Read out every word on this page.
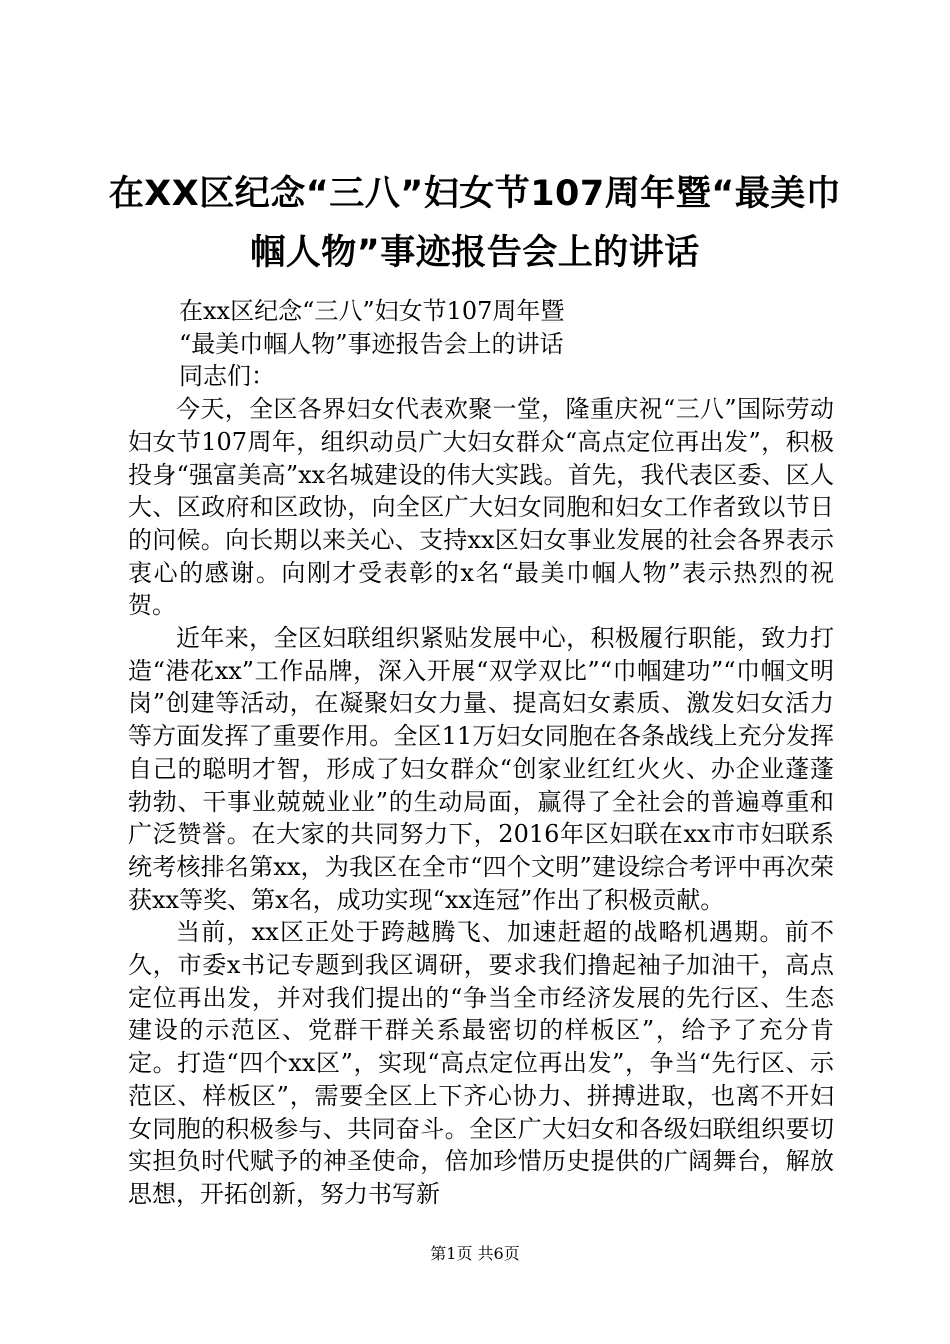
在XX区纪念“三八”妇女节107周年暨“最美巾帼人物”事迹报告会上的讲话
在xx区纪念“三八”妇女节107周年暨
“最美巾帼人物”事迹报告会上的讲话
同志们：

今天，全区各界妇女代表欢聚一堂，隆重庆祝“三八”国际劳动妇女节107周年，组织动员广大妇女群众“高点定位再出发”，积极投身“强富美高”xx名城建设的伟大实践。首先，我代表区委、区人大、区政府和区政协，向全区广大妇女同胞和妇女工作者致以节日的问候。向长期以来关心、支持xx区妇女事业发展的社会各界表示衷心的感谢。向刚才受表彰的x名“最美巾帼人物”表示热烈的祝贺。

近年来，全区妇联组织紧贴发展中心，积极履行职能，致力打造“港花xx”工作品牌，深入开展“双学双比”“巾帼建功”“巾帼文明岗”创建等活动，在凝聚妇女力量、提高妇女素质、激发妇女活力等方面发挥了重要作用。全区11万妇女同胞在各条战线上充分发挥自己的聪明才智，形成了妇女群众“创家业红红火火、办企业蓬蓬勃勃、干事业兢兢业业”的生动局面，赢得了全社会的普遍尊重和广泛赞誉。在大家的共同努力下，2016年区妇联在xx市市妇联系统考核排名第xx，为我区在全市“四个文明”建设综合考评中再次荣获xx等奖、第x名，成功实现“xx连冠”作出了积极贡献。

当前，xx区正处于跨越腾飞、加速赶超的战略机遇期。前不久，市委x书记专题到我区调研，要求我们撸起袖子加油干，高点定位再出发，并对我们提出的“争当全市经济发展的先行区、生态建设的示范区、党群干群关系最密切的样板区”，给予了充分肯定。打造“四个xx区”，实现“高点定位再出发”，争当“先行区、示范区、样板区”，需要全区上下齐心协力、拼搏进取，也离不开妇女同胞的积极参与、共同奋斗。全区广大妇女和各级妇联组织要切实担负时代赋予的神圣使命，倍加珍惜历史提供的广阔舞台，解放思想，开拓创新，努力书写新

第1页 共6页
